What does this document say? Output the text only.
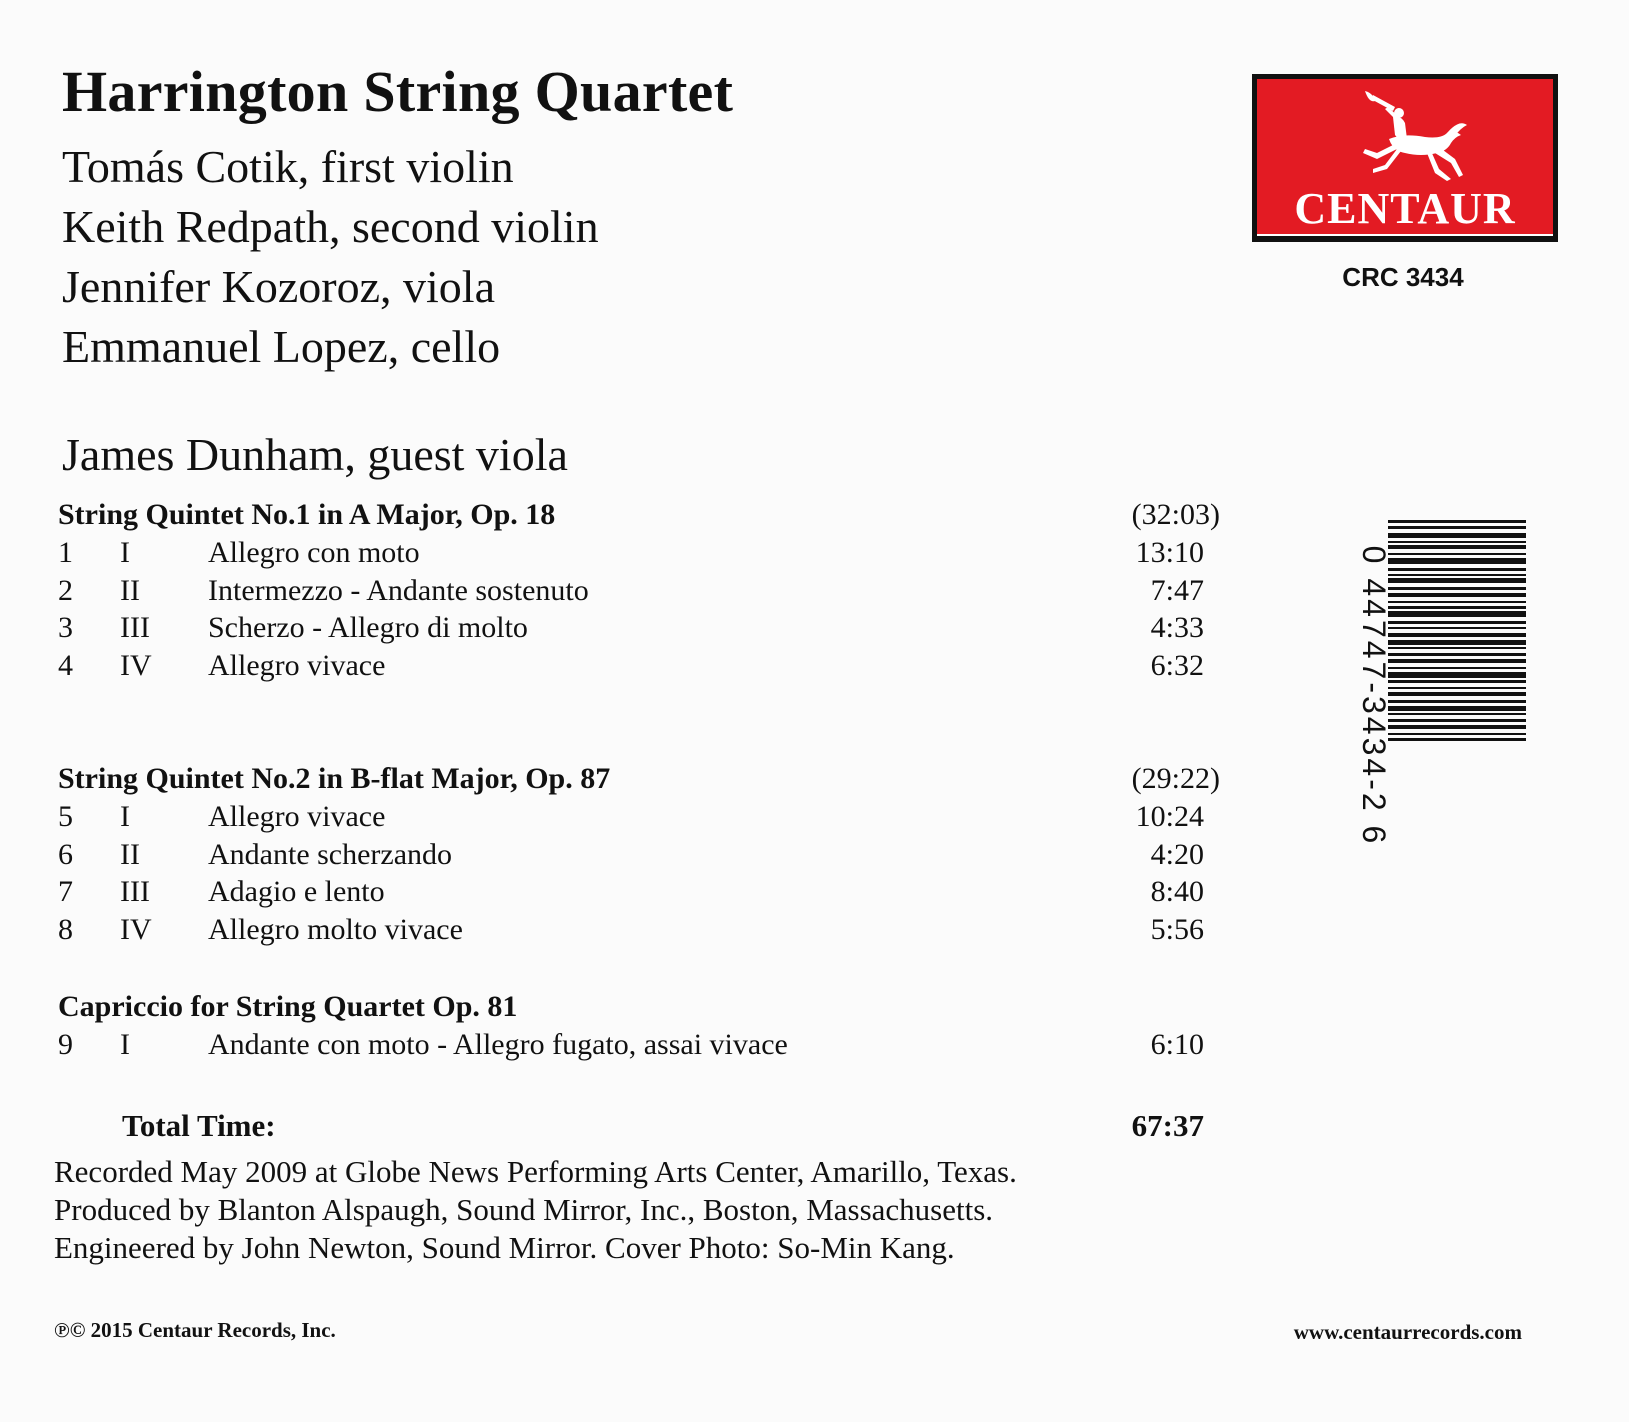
Harrington String Quartet
Tomás Cotik, first violin
Keith Redpath, second violin
Jennifer Kozoroz, viola
Emmanuel Lopez, cello
James Dunham, guest viola
CENTAUR
CRC 3434
Total Time:	67:37
Recorded May 2009 at Globe News Performing Arts Center, Amarillo, Texas.
Produced by Blanton Alspaugh, Sound Mirror, Inc., Boston, Massachusetts.
Engineered by John Newton, Sound Mirror. Cover Photo: So-Min Kang.
℗© 2015 Centaur Records, Inc.	www.centaurrecords.com
0 44747-3434-2 6
String Quintet No.1 in A Major, Op. 18	(32:03)
1 I	Allegro con moto	13:10
2 II Intermezzo - Andante sostenuto	7:47
3 III Scherzo - Allegro di molto	4:33
4 IV Allegro vivace	6:32
String Quintet No.2 in B-flat Major, Op. 87	(29:22)
5 I	Allegro vivace	10:24
6 II Andante scherzando	4:20
7 III Adagio e lento	8:40
8 IV Allegro molto vivace	5:56
Capriccio for String Quartet Op. 81
9 I	Andante con moto - Allegro fugato, assai vivace	6:10
